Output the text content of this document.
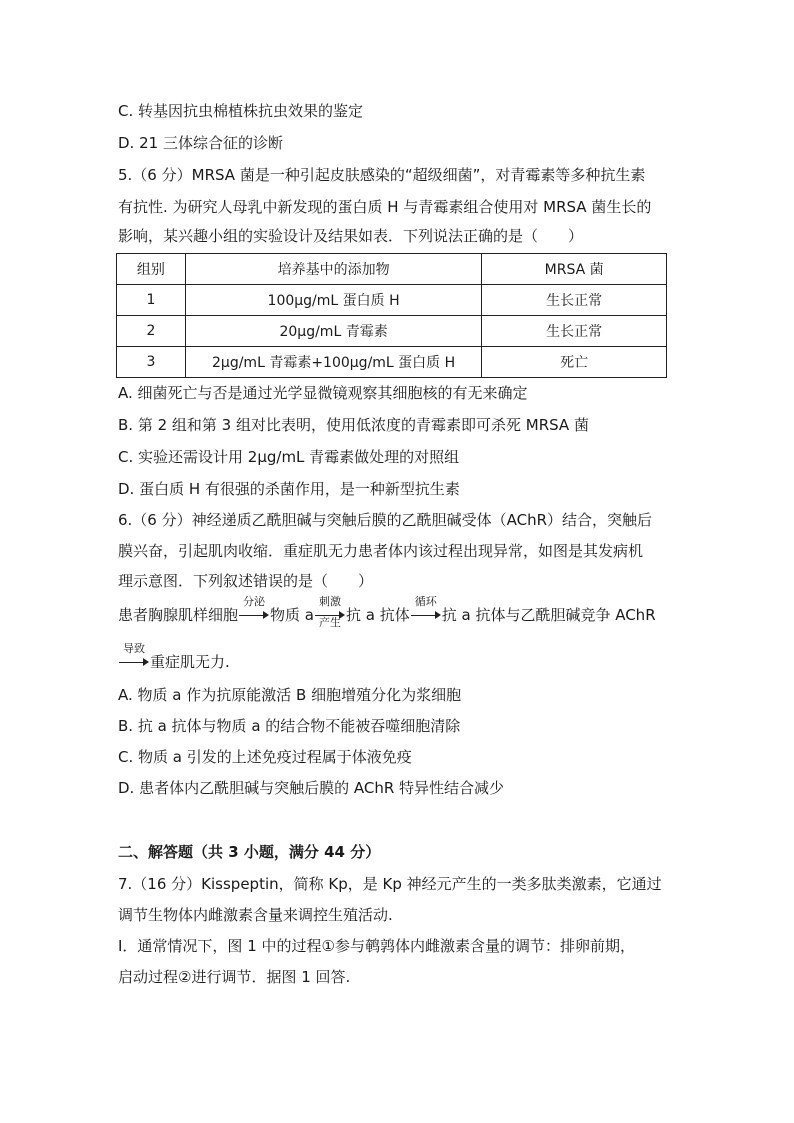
C. 转基因抗虫棉植株抗虫效果的鉴定
D. 21 三体综合征的诊断
5.（6 分）MRSA 菌是一种引起皮肤感染的“超级细菌”，对青霉素等多种抗生素
有抗性. 为研究人母乳中新发现的蛋白质 H 与青霉素组合使用对 MRSA 菌生长的
影响，某兴趣小组的实验设计及结果如表．下列说法正确的是（　　）
组别	培养基中的添加物	MRSA 菌
1	100μg/mL 蛋白质 H	生长正常
2	20μg/mL 青霉素	生长正常
3	2μg/mL 青霉素+100μg/mL 蛋白质 H	死亡
A. 细菌死亡与否是通过光学显微镜观察其细胞核的有无来确定
B. 第 2 组和第 3 组对比表明，使用低浓度的青霉素即可杀死 MRSA 菌
C. 实验还需设计用 2μg/mL 青霉素做处理的对照组
D. 蛋白质 H 有很强的杀菌作用，是一种新型抗生素
6.（6 分）神经递质乙酰胆碱与突触后膜的乙酰胆碱受体（AChR）结合，突触后
膜兴奋，引起肌肉收缩．重症肌无力患者体内该过程出现异常，如图是其发病机
理示意图．下列叙述错误的是（　　）
患者胸腺肌样细胞
分泌
物质 a
刺激
产生 抗 a 抗体
循环
抗 a 抗体与乙酰胆碱竞争 AChR
导致
重症肌无力.
A. 物质 a 作为抗原能激活 B 细胞增殖分化为浆细胞
B. 抗 a 抗体与物质 a 的结合物不能被吞噬细胞清除
C. 物质 a 引发的上述免疫过程属于体液免疫
D. 患者体内乙酰胆碱与突触后膜的 AChR 特异性结合减少
二、解答题（共 3 小题，满分 44 分）
7.（16 分）Kisspeptin，简称 Kp，是 Kp 神经元产生的一类多肽类激素，它通过
调节生物体内雌激素含量来调控生殖活动.
Ⅰ．通常情况下，图 1 中的过程①参与鹌鹑体内雌激素含量的调节：排卵前期，
启动过程②进行调节．据图 1 回答.
